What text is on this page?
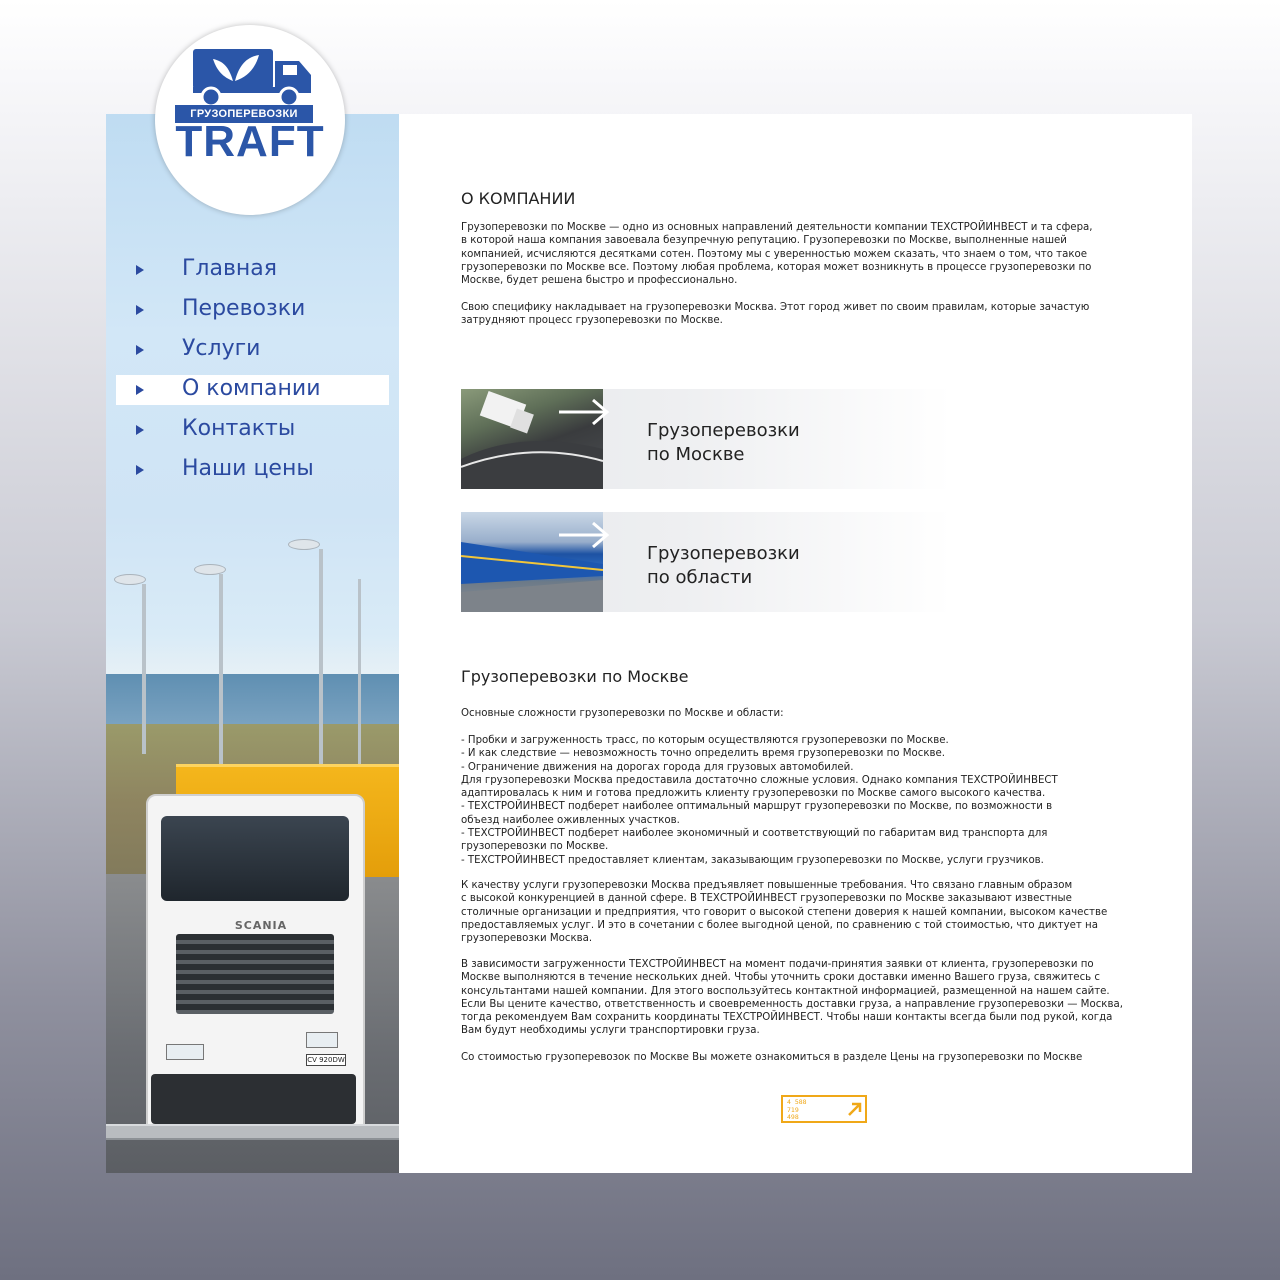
ГРУЗОПЕРЕВОЗКИ
TRAFT
SCANIA
CV 920DW
Главная
Перевозки
Услуги
О компании
Контакты
Наши цены
О КОМПАНИИ
Грузоперевозки по Москве — одно из основных направлений деятельности компании ТЕХСТРОЙИНВЕСТ и та сфера,
в которой наша компания завоевала безупречную репутацию. Грузоперевозки по Москве, выполненные нашей
компанией, исчисляются десятками сотен. Поэтому мы с уверенностью можем сказать, что знаем о том, что такое
грузоперевозки по Москве все. Поэтому любая проблема, которая может возникнуть в процессе грузоперевозки по
Москве, будет решена быстро и профессионально.
Свою специфику накладывает на грузоперевозки Москва. Этот город живет по своим правилам, которые зачастую
затрудняют процесс грузоперевозки по Москве.
Грузоперевозки
по Москве
Грузоперевозки
по области
Грузоперевозки по Москве
Основные сложности грузоперевозки по Москве и области:
- Пробки и загруженность трасс, по которым осуществляются грузоперевозки по Москве.
- И как следствие — невозможность точно определить время грузоперевозки по Москве.
- Ограничение движения на дорогах города для грузовых автомобилей.
Для грузоперевозки Москва предоставила достаточно сложные условия. Однако компания ТЕХСТРОЙИНВЕСТ
адаптировалась к ним и готова предложить клиенту грузоперевозки по Москве самого высокого качества.
- ТЕХСТРОЙИНВЕСТ подберет наиболее оптимальный маршрут грузоперевозки по Москве, по возможности в
объезд наиболее оживленных участков.
- ТЕХСТРОЙИНВЕСТ подберет наиболее экономичный и соответствующий по габаритам вид транспорта для
грузоперевозки по Москве.
- ТЕХСТРОЙИНВЕСТ предоставляет клиентам, заказывающим грузоперевозки по Москве, услуги грузчиков.
К качеству услуги грузоперевозки Москва предъявляет повышенные требования. Что связано главным образом
с высокой конкуренцией в данной сфере. В ТЕХСТРОЙИНВЕСТ грузоперевозки по Москве заказывают известные
столичные организации и предприятия, что говорит о высокой степени доверия к нашей компании, высоком качестве
предоставляемых услуг. И это в сочетании с более выгодной ценой, по сравнению с той стоимостью, что диктует на
грузоперевозки Москва.
В зависимости загруженности ТЕХСТРОЙИНВЕСТ на момент подачи-принятия заявки от клиента, грузоперевозки по
Москве выполняются в течение нескольких дней. Чтобы уточнить сроки доставки именно Вашего груза, свяжитесь с
консультантами нашей компании. Для этого воспользуйтесь контактной информацией, размещенной на нашем сайте.
Если Вы цените качество, ответственность и своевременность доставки груза, а направление грузоперевозки — Москва,
тогда рекомендуем Вам сохранить координаты ТЕХСТРОЙИНВЕСТ. Чтобы наши контакты всегда были под рукой, когда
Вам будут необходимы услуги транспортировки груза.
Со стоимостью грузоперевозок по Москве Вы можете ознакомиться в разделе Цены на грузоперевозки по Москве
4 588
719
498
